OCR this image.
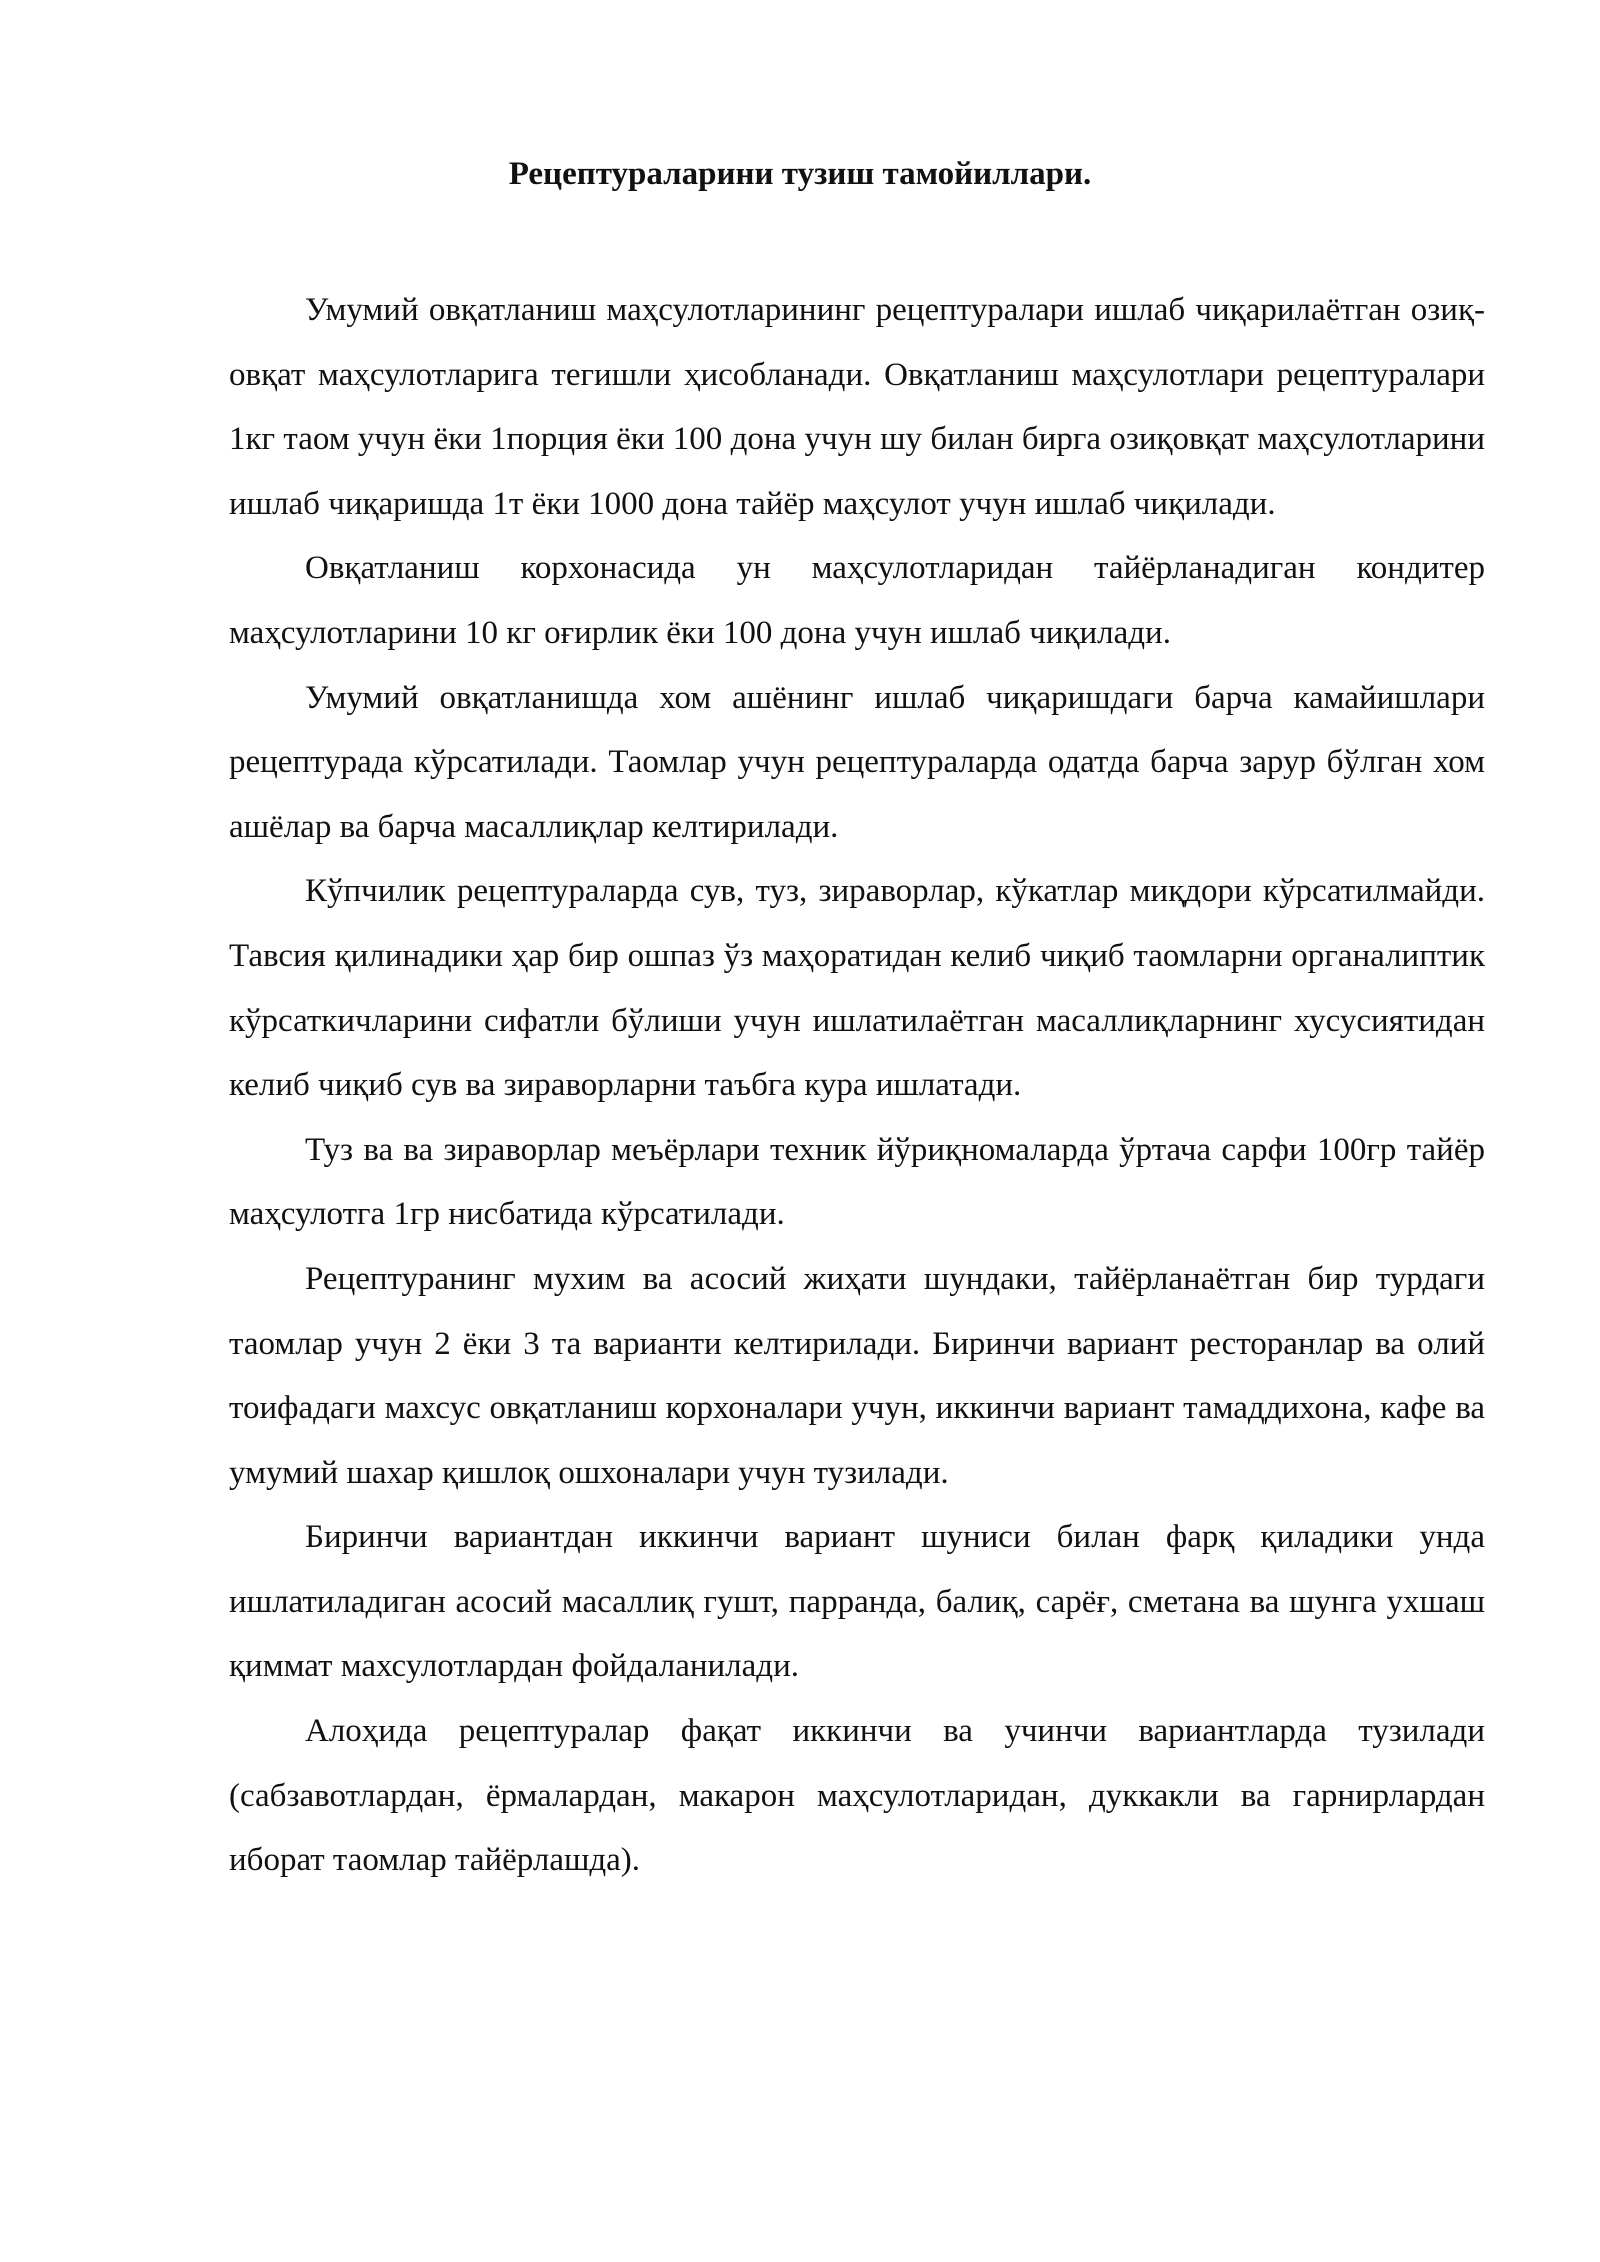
Рецептураларини тузиш тамойиллари.

Умумий овқатланиш маҳсулотларининг рецептуралари ишлаб чиқарилаётган озиқ-овқат маҳсулотларига тегишли ҳисобланади. Овқатланиш маҳсулотлари рецептуралари 1кг таом учун ёки 1порция ёки 100 дона учун шу билан бирга озиқовқат маҳсулотларини ишлаб чиқаришда 1т ёки 1000 дона тайёр маҳсулот учун ишлаб чиқилади.

Овқатланиш корхонасида ун маҳсулотларидан тайёрланадиган кондитер маҳсулотларини 10 кг оғирлик ёки 100 дона учун ишлаб чиқилади.

Умумий овқатланишда хом ашёнинг ишлаб чиқаришдаги барча камайишлари рецептурада кўрсатилади. Таомлар учун рецептураларда одатда барча зарур бўлган хом ашёлар ва барча масаллиқлар келтирилади.

Кўпчилик рецептураларда сув, туз, зираворлар, кўкатлар миқдори кўрсатилмайди. Тавсия қилинадики ҳар бир ошпаз ўз маҳоратидан келиб чиқиб таомларни органалиптик кўрсаткичларини сифатли бўлиши учун ишлатилаётган масаллиқларнинг хусусиятидан келиб чиқиб сув ва зираворларни таъбга кура ишлатади.

Туз ва ва зираворлар меъёрлари техник йўриқномаларда ўртача сарфи 100гр тайёр маҳсулотга 1гр нисбатида кўрсатилади.

Рецептуранинг мухим ва асосий жиҳати шундаки, тайёрланаётган бир турдаги таомлар учун 2 ёки 3 та варианти келтирилади. Биринчи вариант ресторанлар ва олий тоифадаги махсус овқатланиш корхоналари учун, иккинчи вариант тамаддихона, кафе ва умумий шахар қишлоқ ошхоналари учун тузилади.

Биринчи вариантдан иккинчи вариант шуниси билан фарқ қиладики унда ишлатиладиган асосий масаллиқ гушт, парранда, балиқ, сарёғ, сметана ва шунга ухшаш қиммат махсулотлардан фойдаланилади.

Алоҳида рецептуралар фақат иккинчи ва учинчи вариантларда тузилади (сабзавотлардан, ёрмалардан, макарон маҳсулотларидан, дуккакли ва гарнирлардан иборат таомлар тайёрлашда).
